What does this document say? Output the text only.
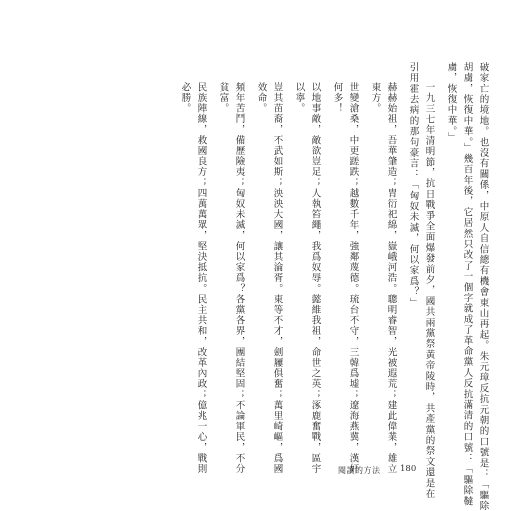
破家亡的境地。也沒有關係，中原人自信總有機會東山再起。朱元璋反抗元朝的口號是：「驅除
胡虜，恢復中華。」幾百年後，它居然只改了一個字就成了革命黨人反抗滿清的口號：「驅除韃
虜，恢復中華。」
一九三七年清明節，抗日戰爭全面爆發前夕，國共兩黨祭黃帝陵時，共產黨的祭文還是在
引用霍去病的那句豪言：「匈奴未滅，何以家爲？」
赫赫始祖，吾華肇造；胄衍祀綿，嶽峨河浩。聰明睿智，光被遐荒；建此偉業，雄立
東方。
世變滄桑，中更蹉跌；越數千年，強鄰蔑德。琉台不守，三韓爲墟；遼海燕冀，漢奸
何多！
以地事敵，敵欲豈足；人執笞繩，我爲奴辱。懿維我祖，命世之英；涿鹿奮戰，區宇
以寧。
豈其苗裔，不武如斯；泱泱大國，讓其淪胥。東等不才，劍屨俱奮；萬里崎嶇，爲國
效命。
頻年苦鬥，備歷險夷；匈奴未滅，何以家爲？各黨各界，團結堅固；不論軍民，不分
貧富。
民族陣線，救國良方；四萬萬眾，堅決抵抗。民主共和，改革內政；億兆一心，戰則
必勝。
閱讀的方法 180
